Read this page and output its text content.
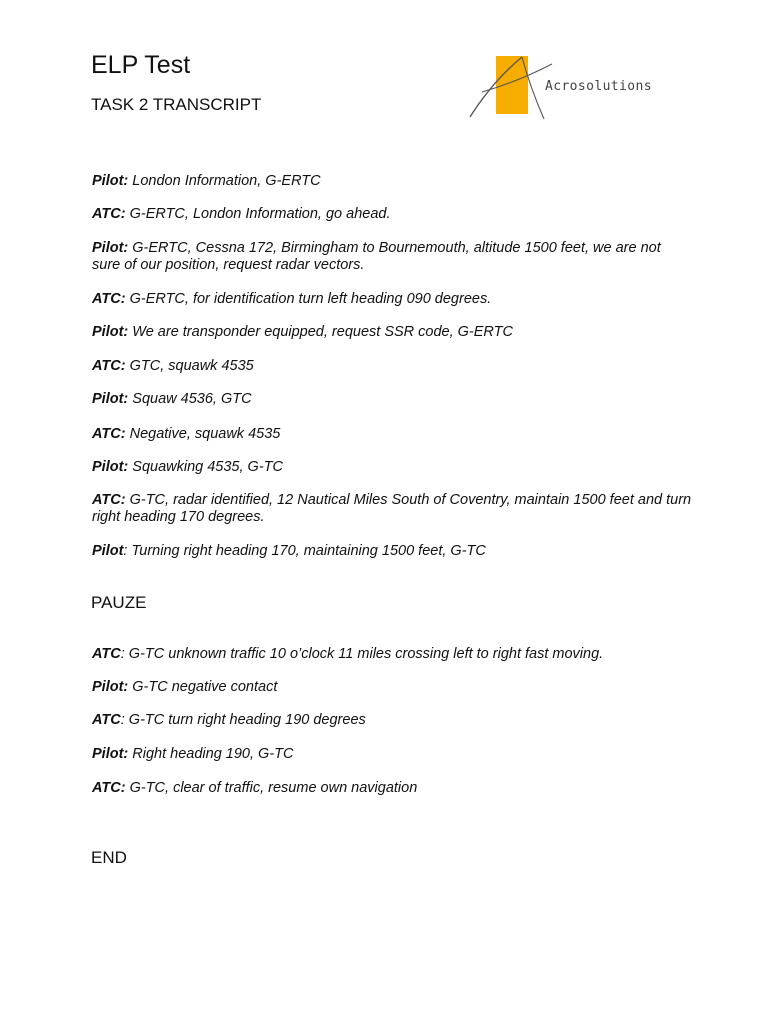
ELP Test
TASK 2 TRANSCRIPT
Acrosolutions

Pilot: London Information, G-ERTC

ATC: G-ERTC, London Information, go ahead.

Pilot: G-ERTC, Cessna 172, Birmingham to Bournemouth, altitude 1500 feet, we are not sure of our position, request radar vectors.

ATC: G-ERTC, for identification turn left heading 090 degrees.

Pilot: We are transponder equipped, request SSR code, G-ERTC

ATC: GTC, squawk 4535

Pilot: Squaw 4536, GTC

ATC: Negative, squawk 4535

Pilot: Squawking 4535, G-TC

ATC: G-TC, radar identified, 12 Nautical Miles South of Coventry, maintain 1500 feet and turn right heading 170 degrees.

Pilot: Turning right heading 170, maintaining 1500 feet, G-TC

PAUZE

ATC: G-TC unknown traffic 10 o’clock 11 miles crossing left to right fast moving.

Pilot: G-TC negative contact

ATC: G-TC turn right heading 190 degrees

Pilot: Right heading 190, G-TC

ATC: G-TC, clear of traffic, resume own navigation

END
